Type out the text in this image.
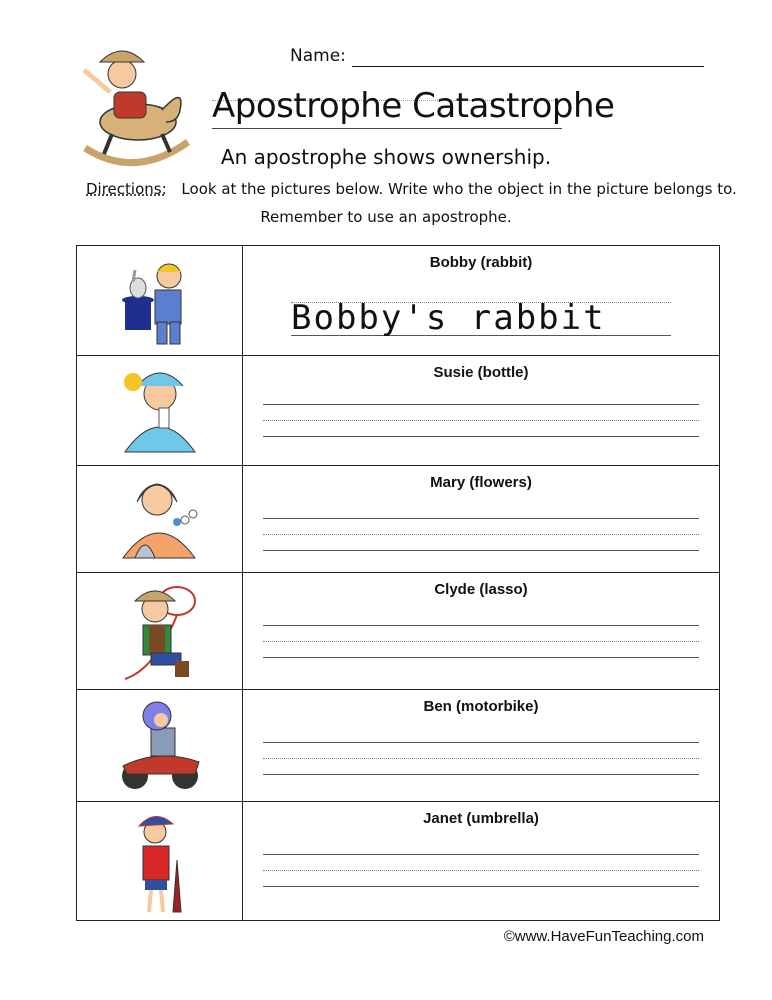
Name:
Apostrophe Catastrophe
An apostrophe shows ownership.
Directions: Look at the pictures below. Write who the object in the picture belongs to.
Remember to use an apostrophe.
Bobby (rabbit)
Bobby's rabbit
Susie (bottle)
Mary (flowers)
Clyde (lasso)
Ben (motorbike)
Janet (umbrella)
©www.HaveFunTeaching.com
